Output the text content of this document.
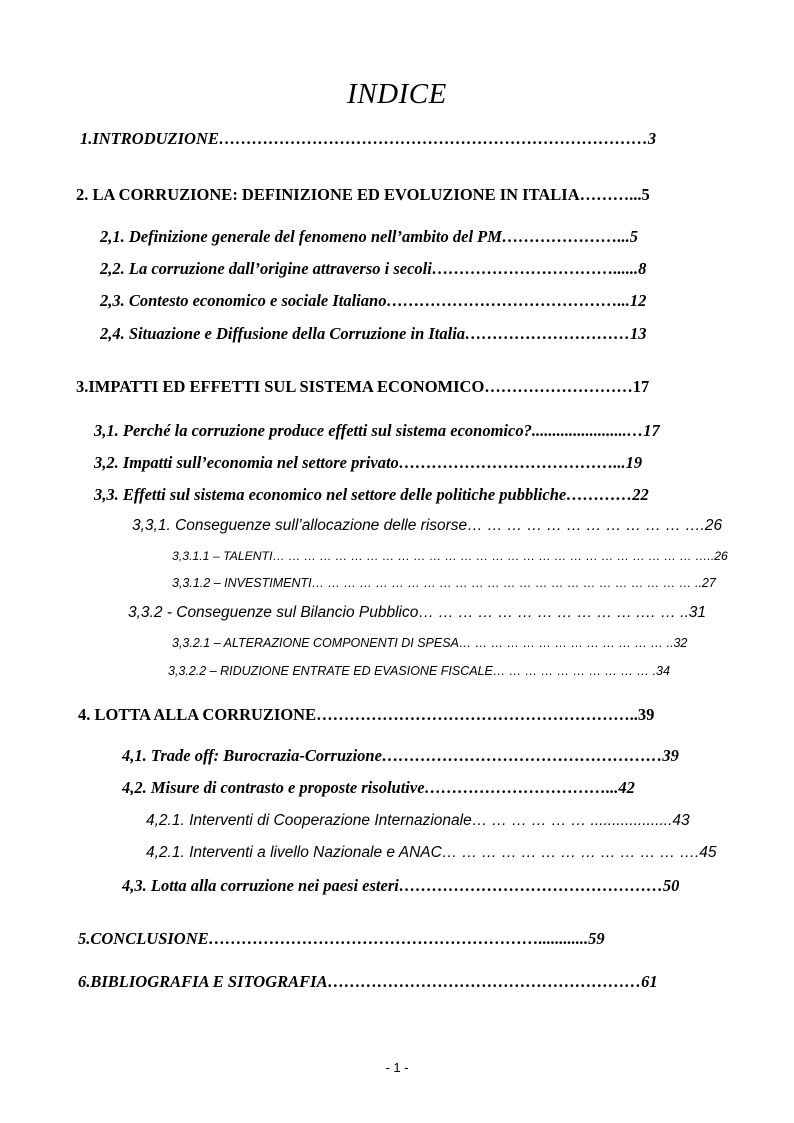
INDICE
1.INTRODUZIONE……………………………………………………………………3
2. LA CORRUZIONE: DEFINIZIONE ED EVOLUZIONE IN ITALIA………...5
2,1. Definizione generale del fenomeno nell’ambito del PM…………………...5
2,2. La corruzione dall’origine attraverso i secoli……………………………......8
2,3. Contesto economico e sociale Italiano……………………………………...12
2,4. Situazione e Diffusione della Corruzione in Italia…………………………13
3.IMPATTI ED EFFETTI SUL SISTEMA ECONOMICO………………………17
3,1. Perché la corruzione produce effetti sul sistema economico?.......................…17
3,2. Impatti sull’economia nel settore privato…………………………………...19
3,3. Effetti sul sistema economico nel settore delle politiche pubbliche…………22
3,3,1. Conseguenze sull’allocazione delle risorse… … … … … … … … … … … ….26
3,3.1.1 – TALENTI… … … … … … … … … … … … … … … … … … … … … … … … … … … …..26
3,3.1.2 – INVESTIMENTI… … … … … … … … … … … … … … … … … … … … … … … … ..27
3,3.2 - Conseguenze sul Bilancio Pubblico… … … … … … … … … … … .… … ..31
3,3.2.1 – ALTERAZIONE COMPONENTI DI SPESA… … … … … … … … … … … … … ..32
3,3.2.2 – RIDUZIONE ENTRATE ED EVASIONE FISCALE… … … … … … … … … … .34
4. LOTTA ALLA CORRUZIONE…………………………………………………..39
4,1. Trade off: Burocrazia-Corruzione……………………………………………39
4,2. Misure di contrasto e proposte risolutive……………………………...42
4,2.1. Interventi di Cooperazione Internazionale… … … … … … ...................43
4,2.1. Interventi a livello Nazionale e ANAC… … … … … … … … … … … … ….45
4,3. Lotta alla corruzione nei paesi esteri…………………………………………50
5.CONCLUSIONE……………………………………………………............59
6.BIBLIOGRAFIA E SITOGRAFIA…………………………………………………61
- 1 -
